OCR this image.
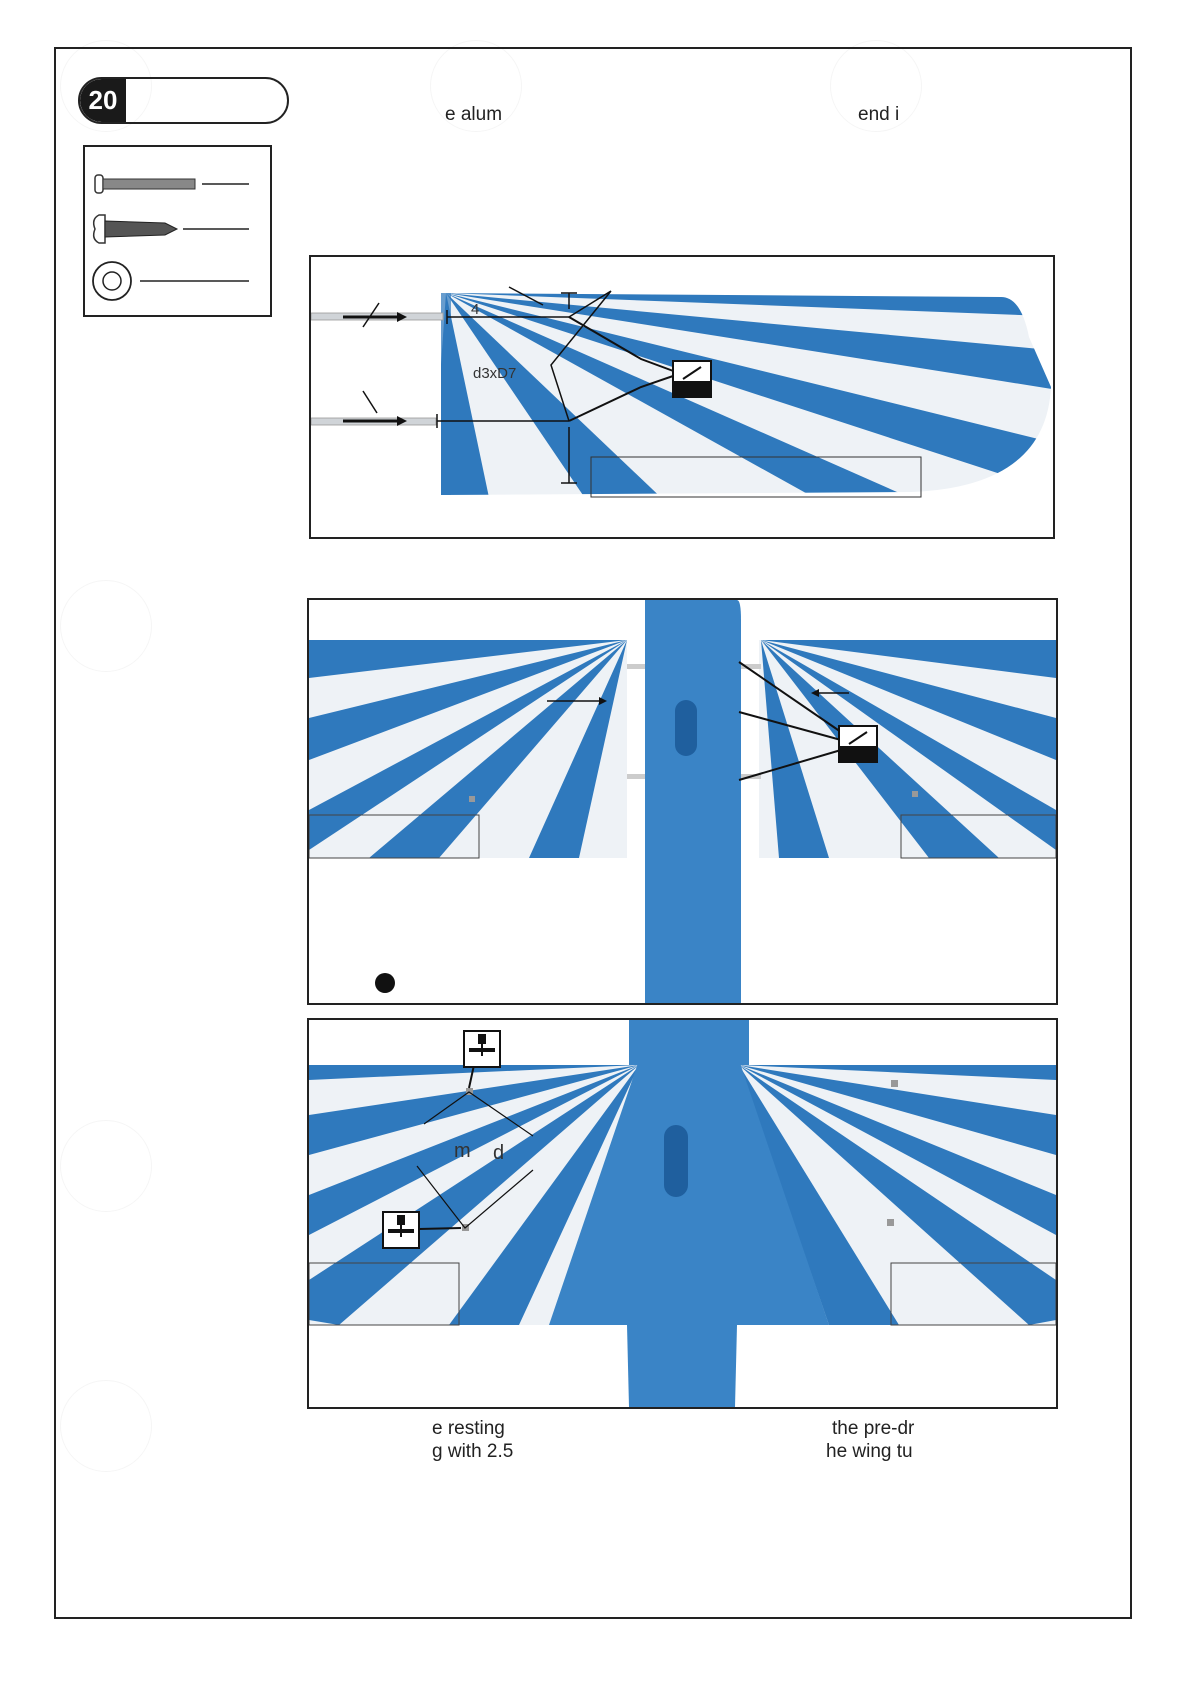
20	e alum	end i
4
d3xD7
m d
e resting
g with 2.5
the pre-dr
he wing tu
